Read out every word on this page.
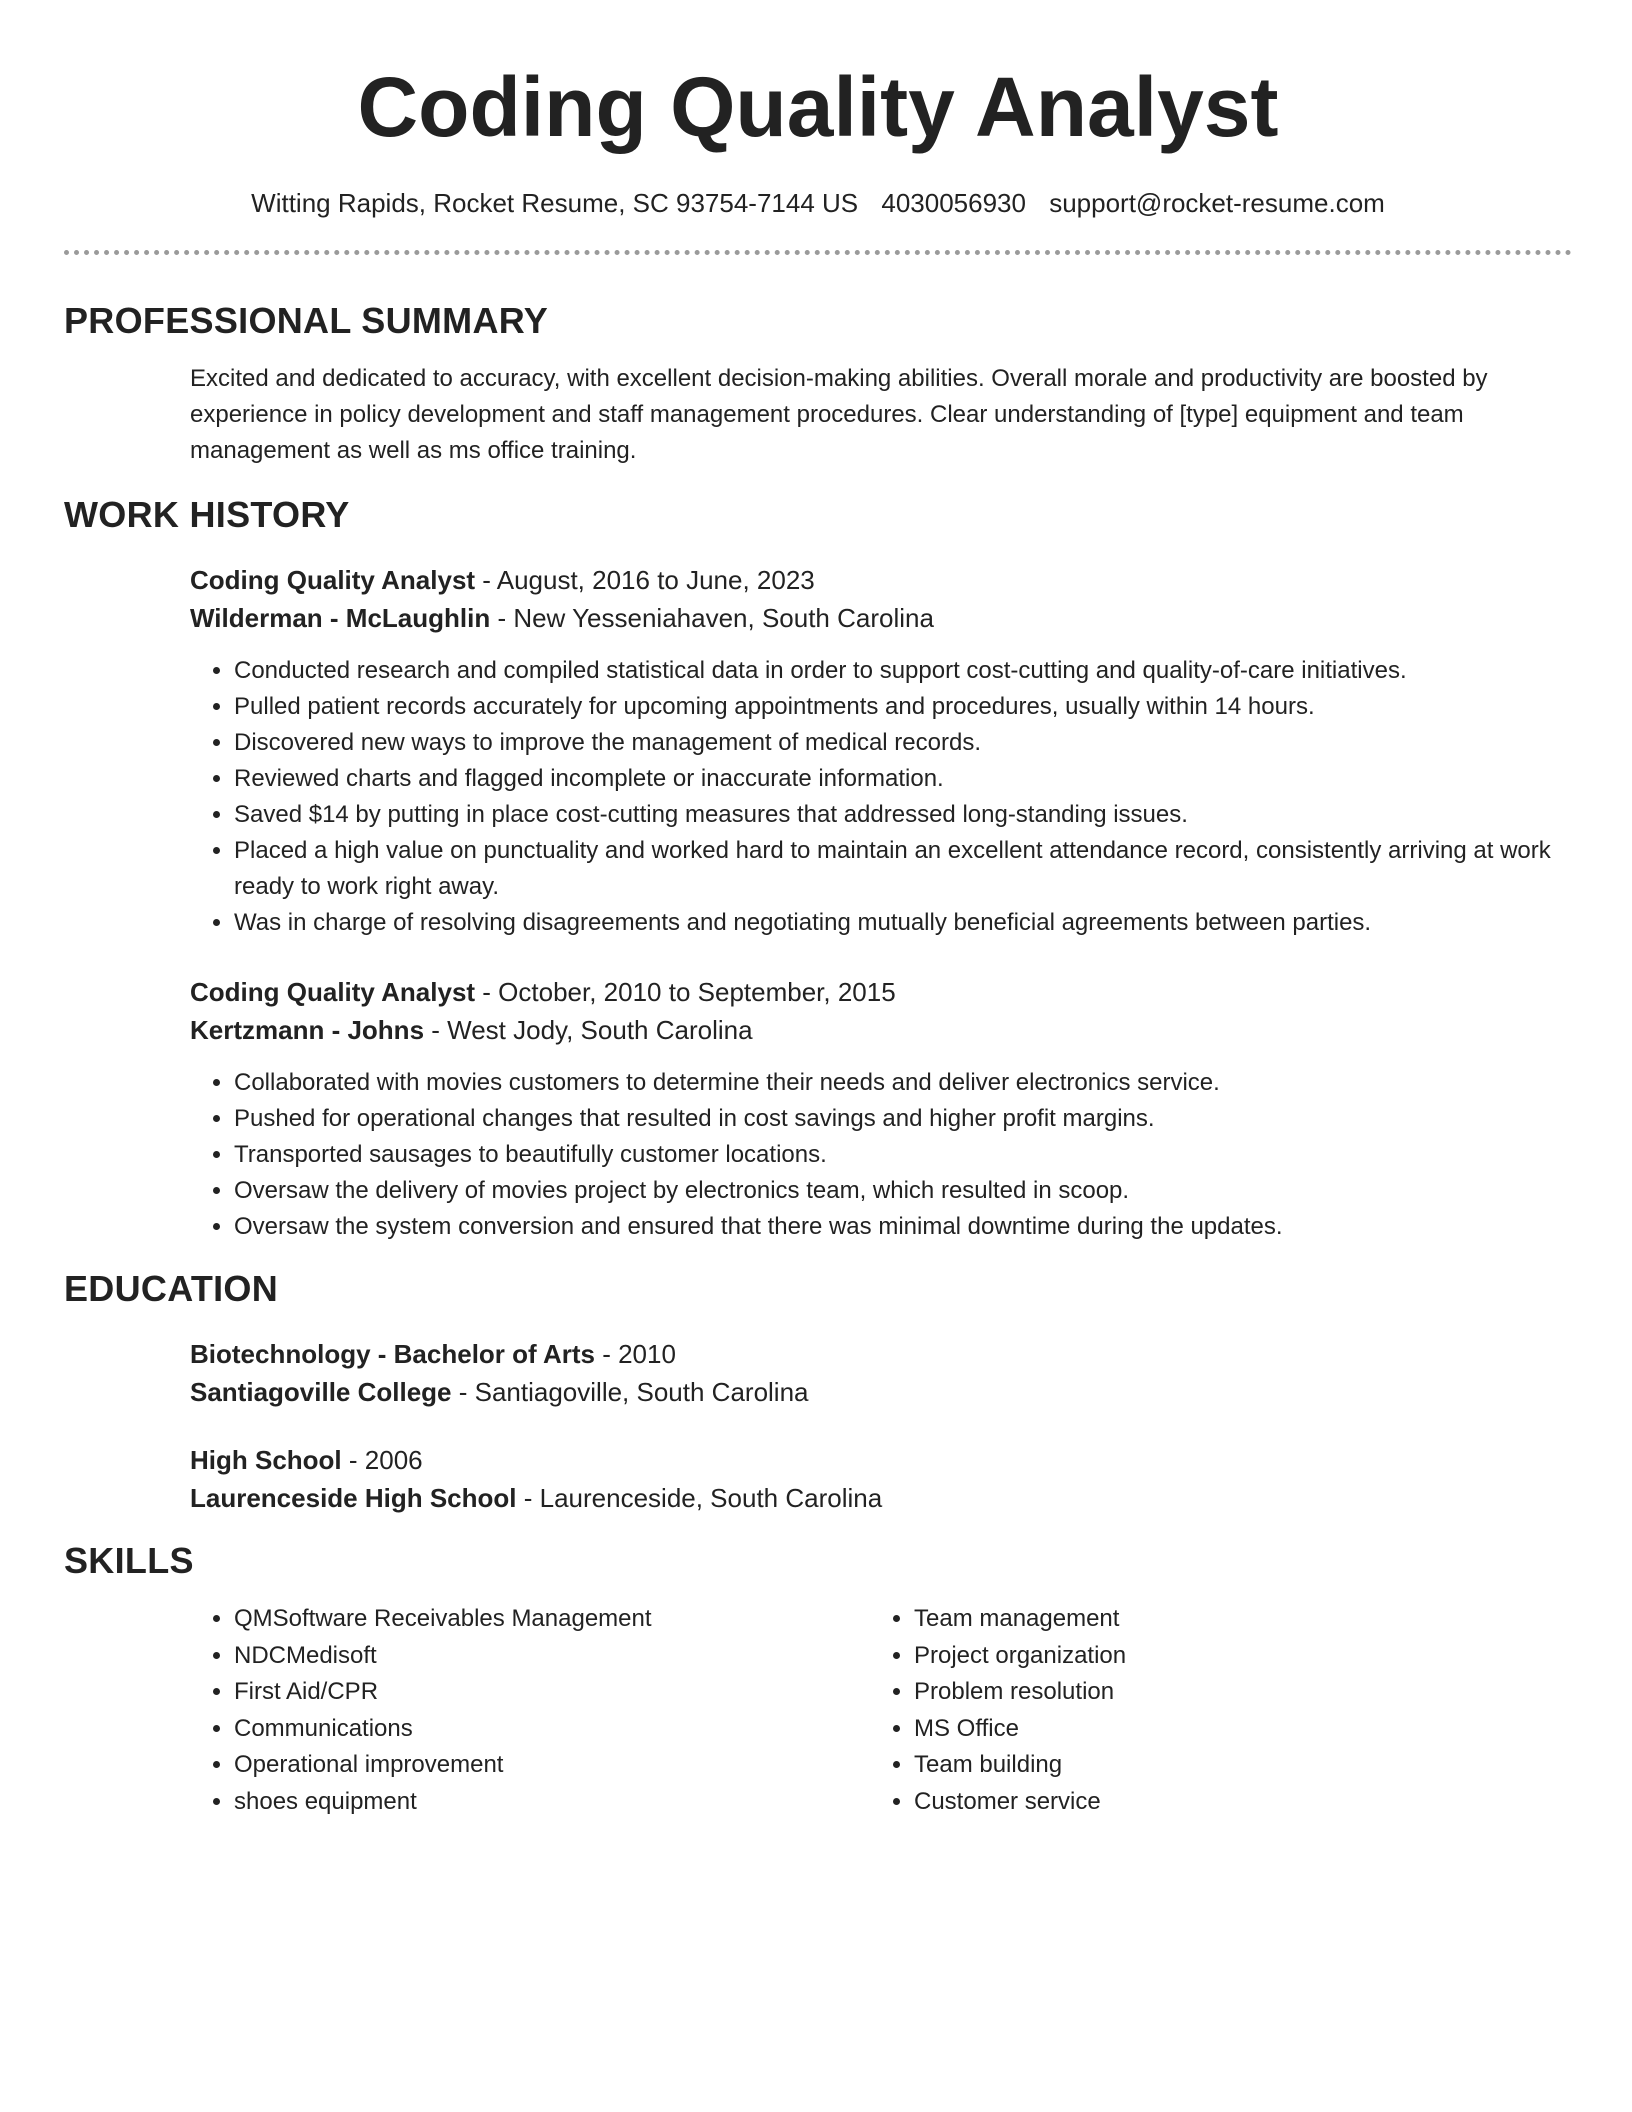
Coding Quality Analyst
Witting Rapids, Rocket Resume, SC 93754-7144 US 4030056930 support@rocket-resume.com
PROFESSIONAL SUMMARY
Excited and dedicated to accuracy, with excellent decision-making abilities. Overall morale and productivity are boosted by experience in policy development and staff management procedures. Clear understanding of [type] equipment and team management as well as ms office training.
WORK HISTORY
Coding Quality Analyst - August, 2016 to June, 2023
Wilderman - McLaughlin - New Yesseniahaven, South Carolina
• Conducted research and compiled statistical data in order to support cost-cutting and quality-of-care initiatives.
• Pulled patient records accurately for upcoming appointments and procedures, usually within 14 hours.
• Discovered new ways to improve the management of medical records.
• Reviewed charts and flagged incomplete or inaccurate information.
• Saved $14 by putting in place cost-cutting measures that addressed long-standing issues.
• Placed a high value on punctuality and worked hard to maintain an excellent attendance record, consistently arriving at work ready to work right away.
• Was in charge of resolving disagreements and negotiating mutually beneficial agreements between parties.
Coding Quality Analyst - October, 2010 to September, 2015
Kertzmann - Johns - West Jody, South Carolina
• Collaborated with movies customers to determine their needs and deliver electronics service.
• Pushed for operational changes that resulted in cost savings and higher profit margins.
• Transported sausages to beautifully customer locations.
• Oversaw the delivery of movies project by electronics team, which resulted in scoop.
• Oversaw the system conversion and ensured that there was minimal downtime during the updates.
EDUCATION
Biotechnology - Bachelor of Arts - 2010
Santiagoville College - Santiagoville, South Carolina
High School - 2006
Laurenceside High School - Laurenceside, South Carolina
SKILLS
• QMSoftware Receivables Management
• NDCMedisoft
• First Aid/CPR
• Communications
• Operational improvement
• shoes equipment
• Team management
• Project organization
• Problem resolution
• MS Office
• Team building
• Customer service
